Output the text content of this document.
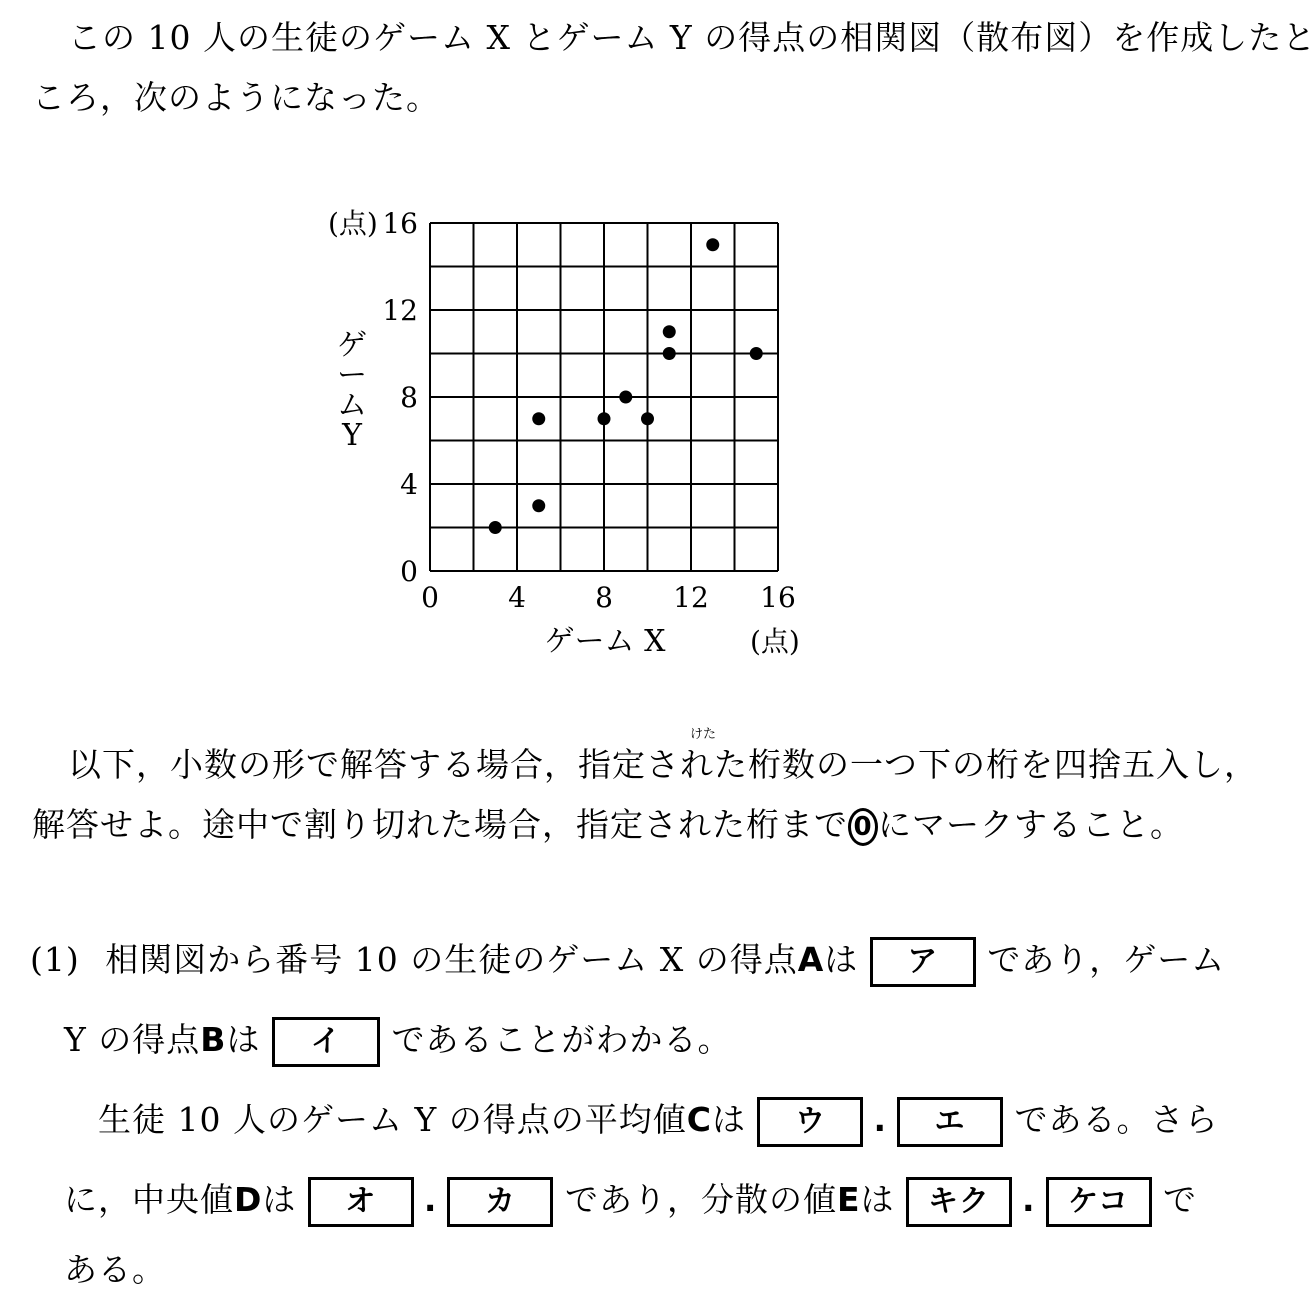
この 10 人の生徒のゲーム X とゲーム Y の得点の相関図（散布図）を作成したと
ころ，次のようになった。
0
0
4
4
8
8
12
12
16
16
(点)
(点)
ゲーム X
ゲーム Y
けた
以下，小数の形で解答する場合，指定された桁数の一つ下の桁を四捨五入し，
解答せよ。途中で割り切れた場合，指定された桁まで 0 にマークすること。
(1) 相関図から番号 10 の生徒のゲーム X の得点Aは ア であり，ゲーム
Y の得点Bは イ であることがわかる。
生徒 10 人のゲーム Y の得点の平均値Cは ウ . エ である。さら
に，中央値Dは オ . カ であり，分散の値Eは キク . ケコ で
ある。
